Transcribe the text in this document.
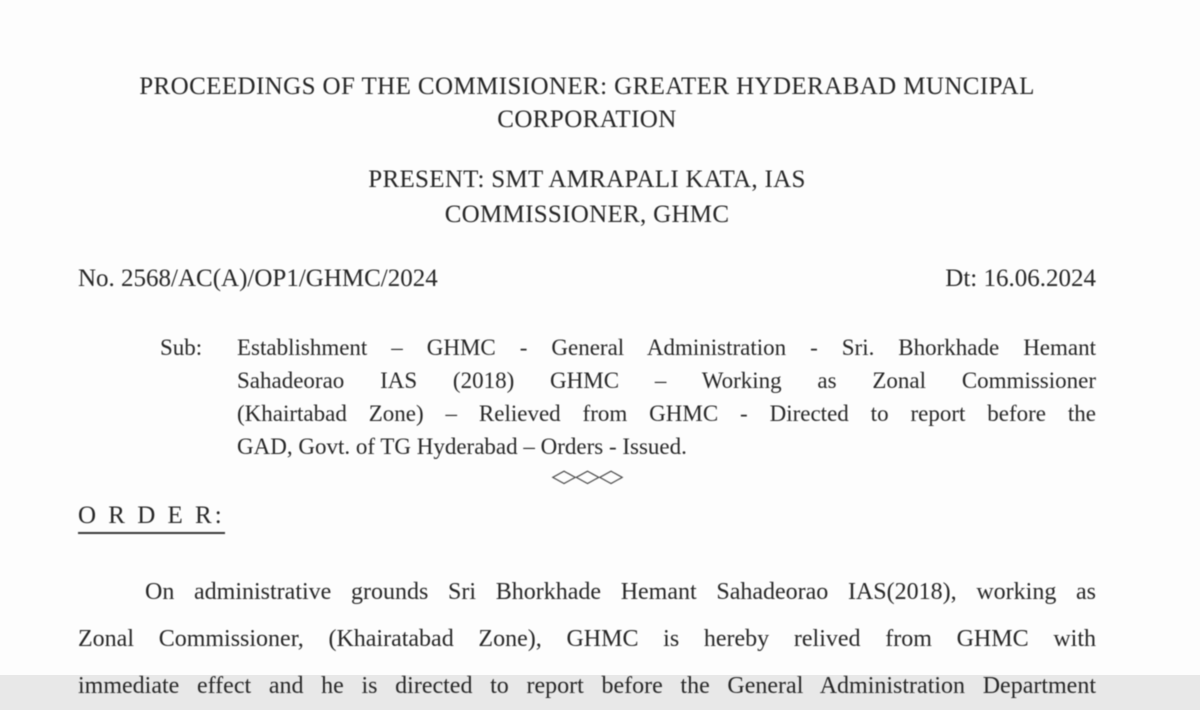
PROCEEDINGS OF THE COMMISIONER: GREATER HYDERABAD MUNCIPAL
CORPORATION
PRESENT: SMT AMRAPALI KATA, IAS
COMMISSIONER, GHMC
No. 2568/AC(A)/OP1/GHMC/2024	Dt: 16.06.2024
Sub:	Establishment – GHMC - General Administration - Sri. Bhorkhade Hemant
Sahadeorao IAS (2018) GHMC – Working as Zonal Commissioner
(Khairtabad Zone) – Relieved from GHMC - Directed to report before the
GAD, Govt. of TG Hyderabad – Orders - Issued.
◇◇◇
O R D E R:
On administrative grounds Sri Bhorkhade Hemant Sahadeorao IAS(2018), working as
Zonal Commissioner, (Khairatabad Zone), GHMC is hereby relived from GHMC with
immediate effect and he is directed to report before the General Administration Department
